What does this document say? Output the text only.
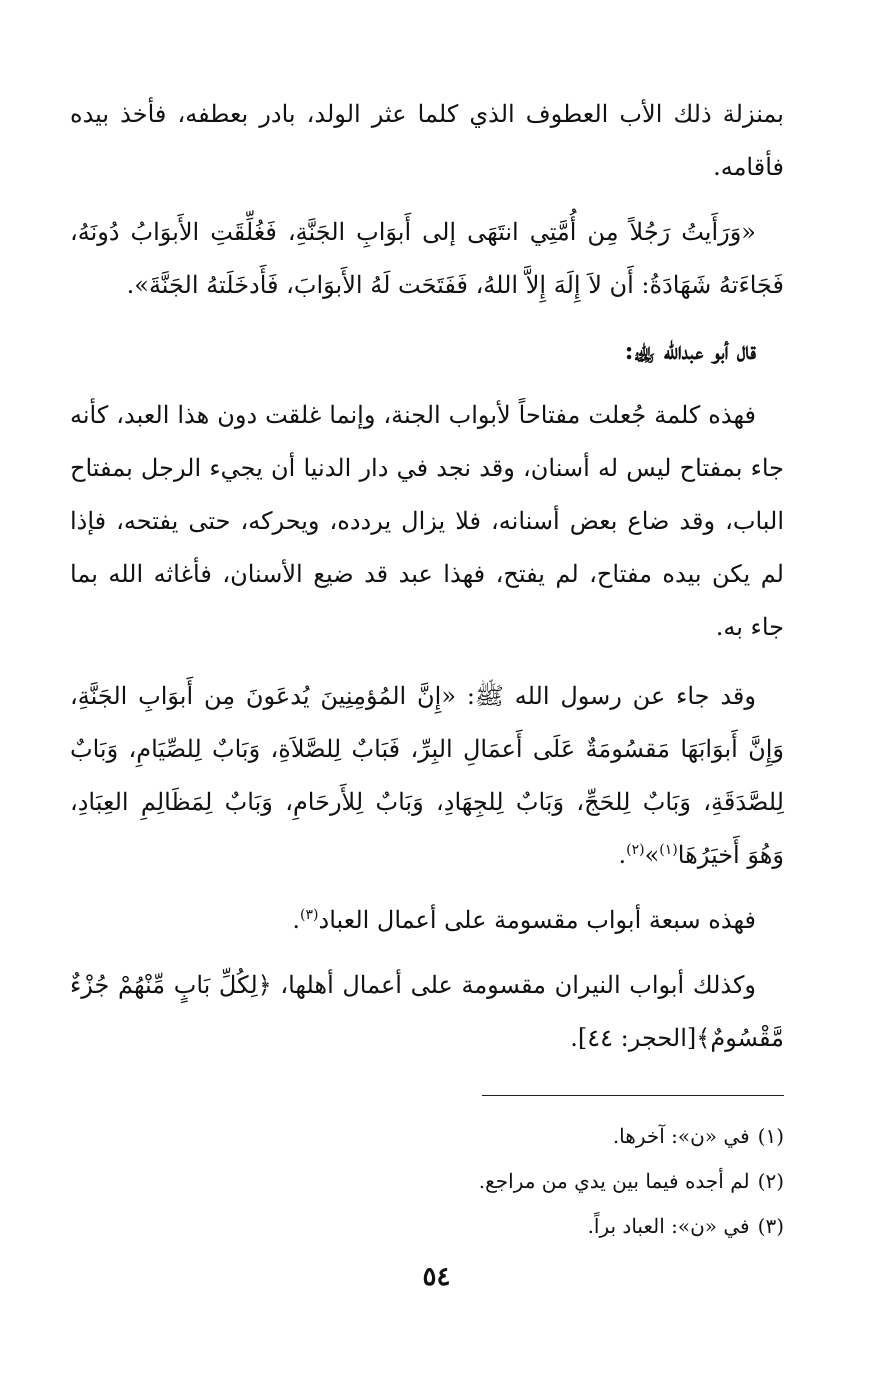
بمنزلة ذلك الأب العطوف الذي كلما عثر الولد، بادر بعطفه، فأخذ بيده فأقامه.

«وَرَأَيتُ رَجُلاً مِن أُمَّتِي انتَهَى إلى أَبوَابِ الجَنَّةِ، فَغُلِّقَتِ الأَبوَابُ دُونَهُ، فَجَاءَتهُ شَهَادَةُ: أَن لاَ إِلَهَ إِلاَّ اللهُ، فَفَتَحَت لَهُ الأَبوَابَ، فَأَدخَلَتهُ الجَنَّةَ».

قال أبو عبدالله ﵀:

فهذه كلمة جُعلت مفتاحاً لأبواب الجنة، وإنما غلقت دون هذا العبد، كأنه جاء بمفتاح ليس له أسنان، وقد نجد في دار الدنيا أن يجيء الرجل بمفتاح الباب، وقد ضاع بعض أسنانه، فلا يزال يردده، ويحركه، حتى يفتحه، فإذا لم يكن بيده مفتاح، لم يفتح، فهذا عبد قد ضيع الأسنان، فأغاثه الله بما جاء به.

وقد جاء عن رسول الله ﷺ: «إِنَّ المُؤمِنِينَ يُدعَونَ مِن أَبوَابِ الجَنَّةِ، وَإِنَّ أَبوَابَهَا مَقسُومَةٌ عَلَى أَعمَالِ البِرِّ، فَبَابٌ لِلصَّلاَةِ، وَبَابٌ لِلصِّيَامِ، وَبَابٌ لِلصَّدَقَةِ، وَبَابٌ لِلحَجِّ، وَبَابٌ لِلجِهَادِ، وَبَابٌ لِلأَرحَامِ، وَبَابٌ لِمَظَالِمِ العِبَادِ، وَهُوَ أَخيَرُهَا$^{(١)}$»$^{(٢)}$.

فهذه سبعة أبواب مقسومة على أعمال العباد$^{(٣)}$.

وكذلك أبواب النيران مقسومة على أعمال أهلها، ﴿لِكُلِّ بَابٍ مِّنْهُمْ جُزْءٌ مَّقْسُومٌ﴾[الحجر: ٤٤].

(١)في «ن»: آخرها.

(٢)لم أجده فيما بين يدي من مراجع.

(٣)في «ن»: العباد براً.

٥٤
